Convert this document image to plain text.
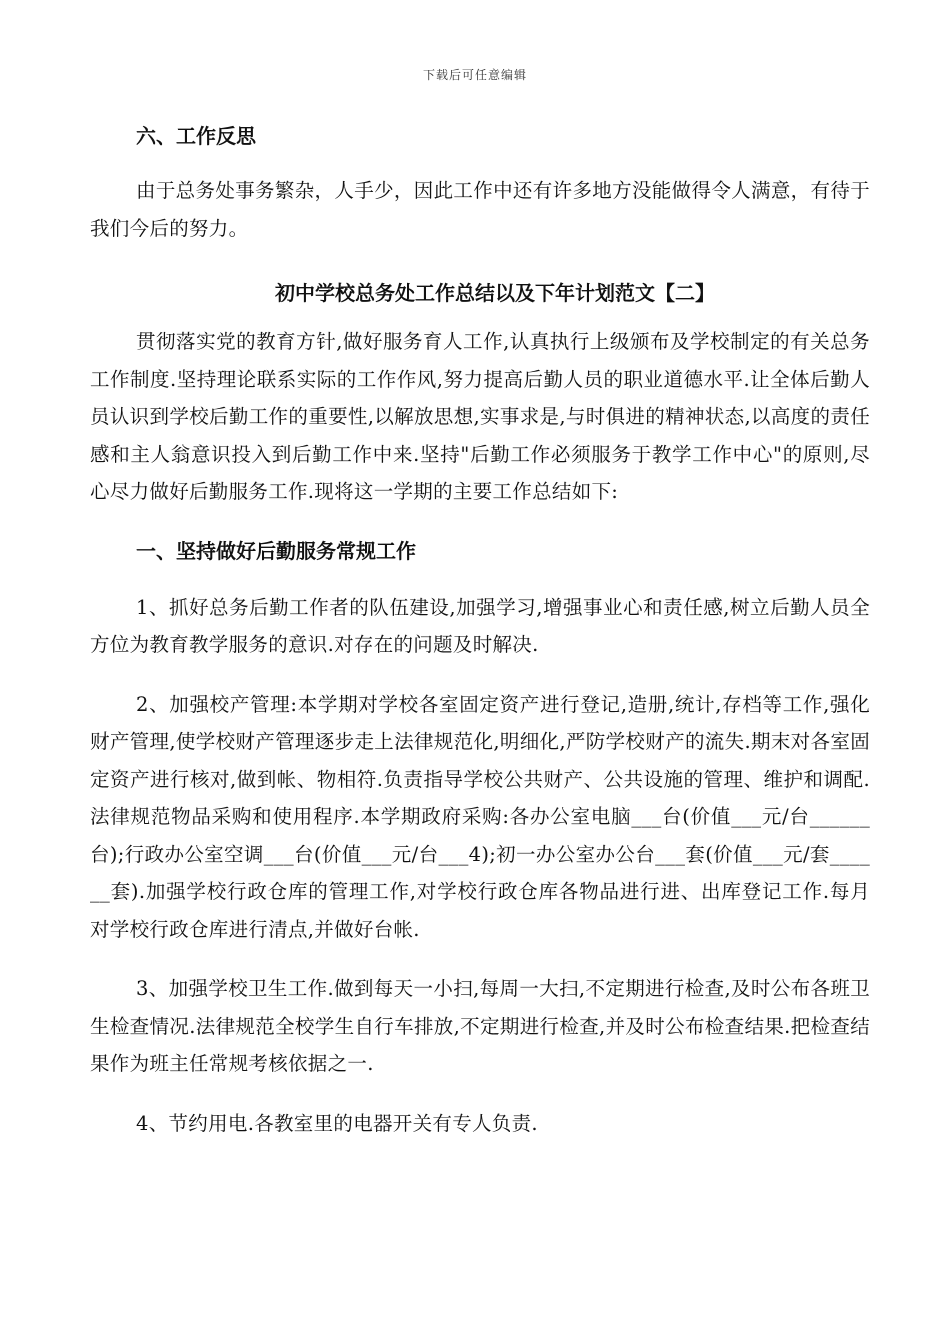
下载后可任意编辑

六、工作反思

由于总务处事务繁杂，人手少，因此工作中还有许多地方没能做得令人满意，有待于我们今后的努力。

初中学校总务处工作总结以及下年计划范文【二】

贯彻落实党的教育方针,做好服务育人工作,认真执行上级颁布及学校制定的有关总务工作制度.坚持理论联系实际的工作作风,努力提高后勤人员的职业道德水平.让全体后勤人员认识到学校后勤工作的重要性,以解放思想,实事求是,与时俱进的精神状态,以高度的责任感和主人翁意识投入到后勤工作中来.坚持"后勤工作必须服务于教学工作中心"的原则,尽心尽力做好后勤服务工作.现将这一学期的主要工作总结如下:

一、坚持做好后勤服务常规工作

1、抓好总务后勤工作者的队伍建设,加强学习,增强事业心和责任感,树立后勤人员全方位为教育教学服务的意识.对存在的问题及时解决.

2、加强校产管理:本学期对学校各室固定资产进行登记,造册,统计,存档等工作,强化财产管理,使学校财产管理逐步走上法律规范化,明细化,严防学校财产的流失.期末对各室固定资产进行核对,做到帐、物相符.负责指导学校公共财产、公共设施的管理、维护和调配.法律规范物品采购和使用程序.本学期政府采购:各办公室电脑___台(价值___元/台______台);行政办公室空调___台(价值___元/台___4);初一办公室办公台___套(价值___元/套______套).加强学校行政仓库的管理工作,对学校行政仓库各物品进行进、出库登记工作.每月对学校行政仓库进行清点,并做好台帐.

3、加强学校卫生工作.做到每天一小扫,每周一大扫,不定期进行检查,及时公布各班卫生检查情况.法律规范全校学生自行车排放,不定期进行检查,并及时公布检查结果.把检查结果作为班主任常规考核依据之一.

4、节约用电.各教室里的电器开关有专人负责.
